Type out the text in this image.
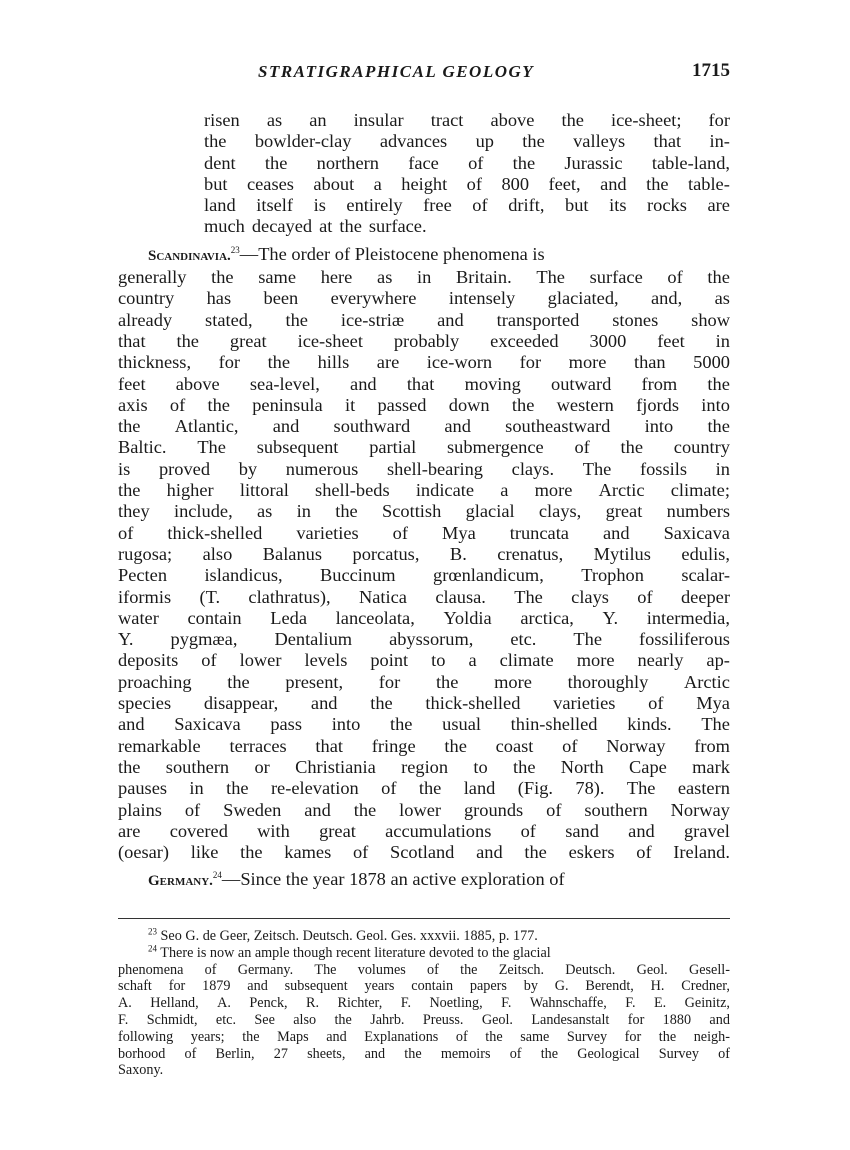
STRATIGRAPHICAL GEOLOGY	1715
risen as an insular tract above the ice-sheet; for
the bowlder-clay advances up the valleys that in-
dent the northern face of the Jurassic table-land,
but ceases about a height of 800 feet, and the table-
land itself is entirely free of drift, but its rocks are
much decayed at the surface.
Scandinavia.$^{23}$—The order of Pleistocene phenomena is
generally the same here as in Britain. The surface of the
country has been everywhere intensely glaciated, and, as
already stated, the ice-striæ and transported stones show
that the great ice-sheet probably exceeded 3000 feet in
thickness, for the hills are ice-worn for more than 5000
feet above sea-level, and that moving outward from the
axis of the peninsula it passed down the western fjords into
the Atlantic, and southward and southeastward into the
Baltic. The subsequent partial submergence of the country
is proved by numerous shell-bearing clays. The fossils in
the higher littoral shell-beds indicate a more Arctic climate;
they include, as in the Scottish glacial clays, great numbers
of thick-shelled varieties of Mya truncata and Saxicava
rugosa; also Balanus porcatus, B. crenatus, Mytilus edulis,
Pecten islandicus, Buccinum grœnlandicum, Trophon scalar-
iformis (T. clathratus), Natica clausa. The clays of deeper
water contain Leda lanceolata, Yoldia arctica, Y. intermedia,
Y. pygmæa, Dentalium abyssorum, etc. The fossiliferous
deposits of lower levels point to a climate more nearly ap-
proaching the present, for the more thoroughly Arctic
species disappear, and the thick-shelled varieties of Mya
and Saxicava pass into the usual thin-shelled kinds. The
remarkable terraces that fringe the coast of Norway from
the southern or Christiania region to the North Cape mark
pauses in the re-elevation of the land (Fig. 78). The eastern
plains of Sweden and the lower grounds of southern Norway
are covered with great accumulations of sand and gravel
(oesar) like the kames of Scotland and the eskers of Ireland.
Germany.$^{24}$—Since the year 1878 an active exploration of
$^{23}$ Seo G. de Geer, Zeitsch. Deutsch. Geol. Ges. xxxvii. 1885, p. 177.
$^{24}$ There is now an ample though recent literature devoted to the glacial
phenomena of Germany. The volumes of the Zeitsch. Deutsch. Geol. Gesell-
schaft for 1879 and subsequent years contain papers by G. Berendt, H. Credner,
A. Helland, A. Penck, R. Richter, F. Noetling, F. Wahnschaffe, F. E. Geinitz,
F. Schmidt, etc. See also the Jahrb. Preuss. Geol. Landesanstalt for 1880 and
following years; the Maps and Explanations of the same Survey for the neigh-
borhood of Berlin, 27 sheets, and the memoirs of the Geological Survey of
Saxony.
